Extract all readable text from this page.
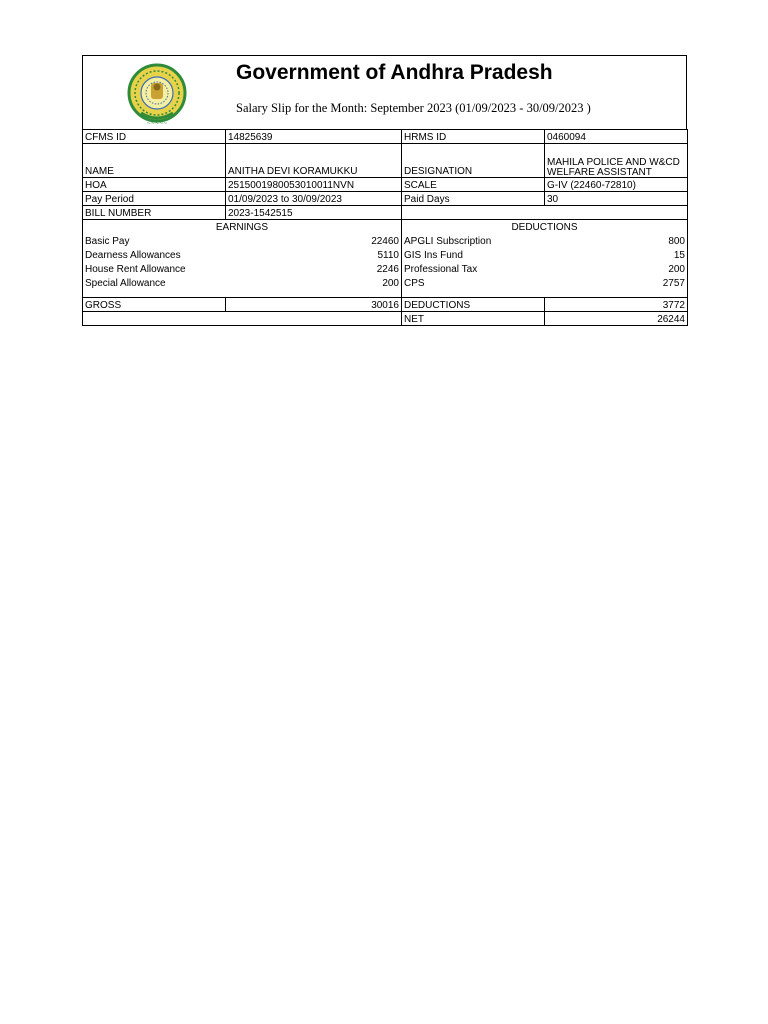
~~~~~
Government of Andhra Pradesh
Salary Slip for the Month: September 2023 (01/09/2023 - 30/09/2023 )
CFMS ID	14825639	HRMS ID	0460094
NAME	ANITHA DEVI KORAMUKKU	DESIGNATION	MAHILA POLICE AND W&CD WELFARE ASSISTANT
HOA	2515001980053010011NVN	SCALE	G-IV (22460-72810)
Pay Period	01/09/2023 to 30/09/2023	Paid Days	30
BILL NUMBER	2023-1542515		
EARNINGS		DEDUCTIONS	
Basic Pay	22460	APGLI Subscription	800
Dearness Allowances	5110	GIS Ins Fund	15
House Rent Allowance	2246	Professional Tax	200
Special Allowance	200	CPS	2757

GROSS	30016	DEDUCTIONS	3772
		NET	26244
